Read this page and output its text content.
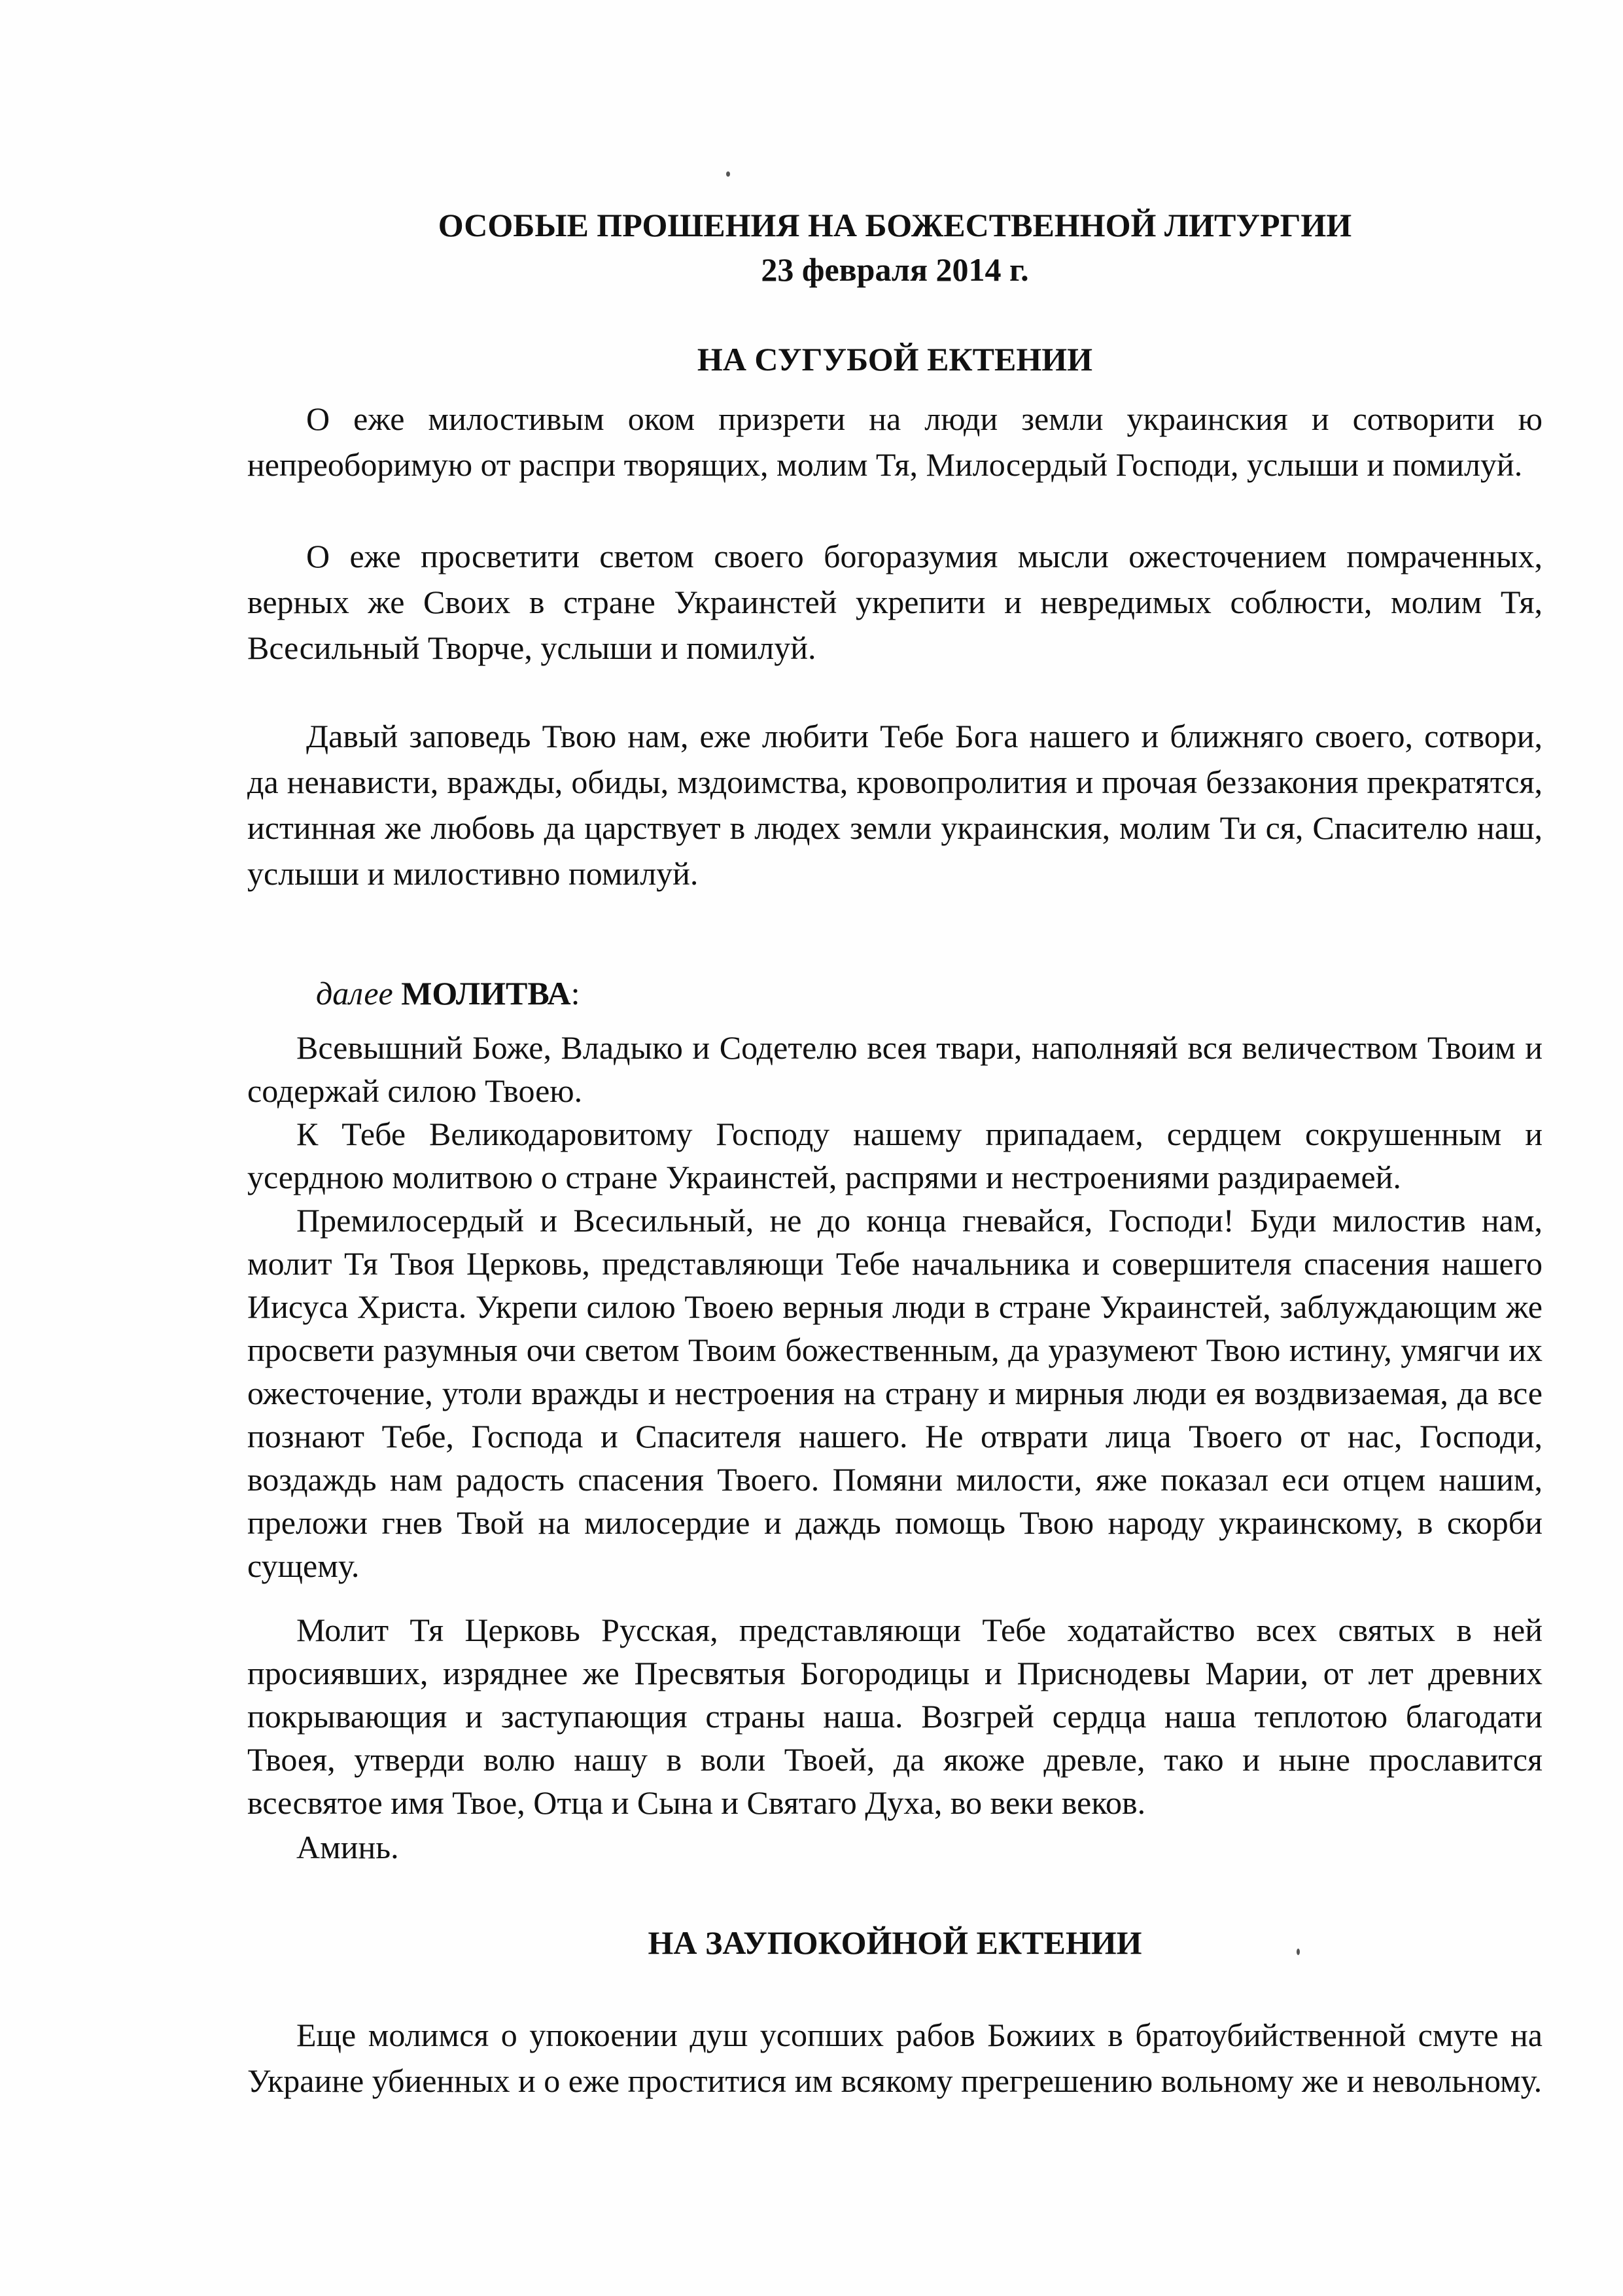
ОСОБЫЕ ПРОШЕНИЯ НА БОЖЕСТВЕННОЙ ЛИТУРГИИ
23 февраля 2014 г.
НА СУГУБОЙ ЕКТЕНИИ

О еже милостивым оком призрети на люди земли украинския и сотворити ю непреоборимую от распри творящих, молим Тя, Милосердый Господи, услыши и помилуй.

О еже просветити светом своего богоразумия мысли ожесточением помраченных, верных же Своих в стране Украинстей укрепити и невредимых соблюсти, молим Тя, Всесильный Творче, услыши и помилуй.

Давый заповедь Твою нам, еже любити Тебе Бога нашего и ближняго своего, сотвори, да ненависти, вражды, обиды, мздоимства, кровопролития и прочая беззакония прекратятся, истинная же любовь да царствует в людех земли украинския, молим Ти ся, Спасителю наш, услыши и милостивно помилуй.

далее МОЛИТВА:

Всевышний Боже, Владыко и Содетелю всея твари, наполняяй вся величеством Твоим и содержай силою Твоею.

К Тебе Великодаровитому Господу нашему припадаем, сердцем сокрушенным и усердною молитвою о стране Украинстей, распрями и нестроениями раздираемей.

Премилосердый и Всесильный, не до конца гневайся, Господи! Буди милостив нам, молит Тя Твоя Церковь, представляющи Тебе начальника и совершителя спасения нашего Иисуса Христа. Укрепи силою Твоею верныя люди в стране Украинстей, заблуждающим же просвети разумныя очи светом Твоим божественным, да уразумеют Твою истину, умягчи их ожесточение, утоли вражды и нестроения на страну и мирныя люди ея воздвизаемая, да все познают Тебе, Господа и Спасителя нашего. Не отврати лица Твоего от нас, Господи, воздаждь нам радость спасения Твоего. Помяни милости, яже показал еси отцем нашим, преложи гнев Твой на милосердие и даждь помощь Твою народу украинскому, в скорби сущему.

Молит Тя Церковь Русская, представляющи Тебе ходатайство всех святых в ней просиявших, изряднее же Пресвятыя Богородицы и Приснодевы Марии, от лет древних покрывающия и заступающия страны наша. Возгрей сердца наша теплотою благодати Твоея, утверди волю нашу в воли Твоей, да якоже древле, тако и ныне прославится всесвятое имя Твое, Отца и Сына и Святаго Духа, во веки веков.

Аминь.
НА ЗАУПОКОЙНОЙ ЕКТЕНИИ

Еще молимся о упокоении душ усопших рабов Божиих в братоубийственной смуте на Украине убиенных и о еже проститися им всякому прегрешению вольному же и невольному.
